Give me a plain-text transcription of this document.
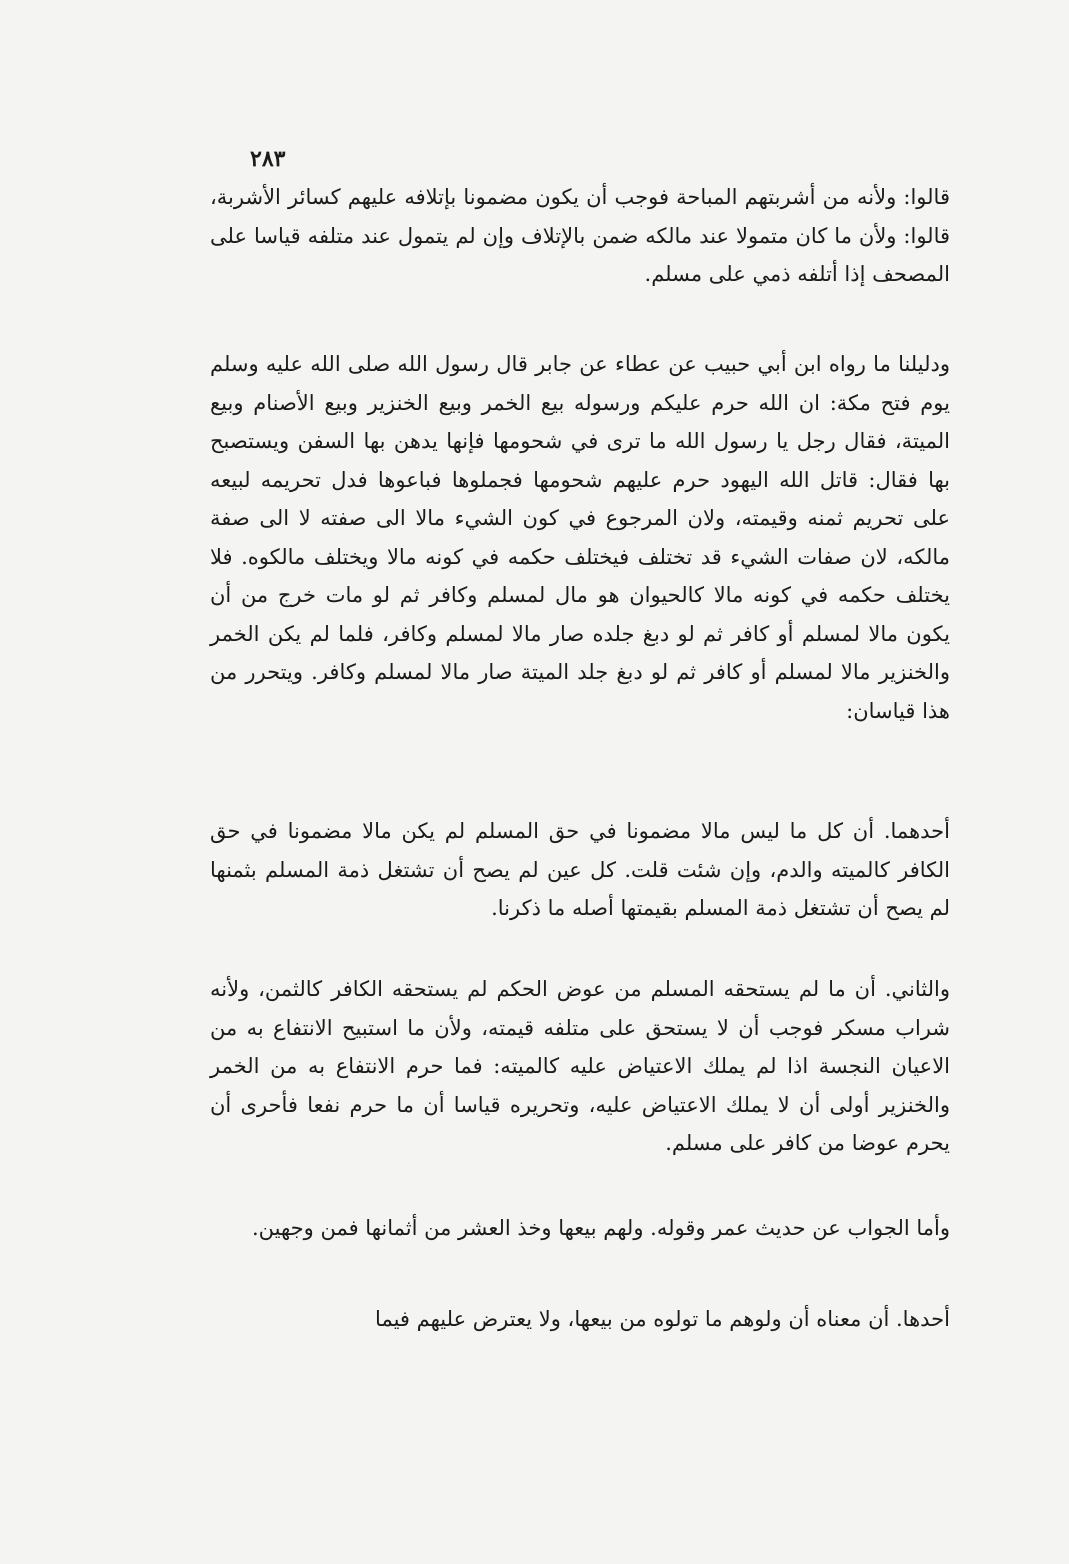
٢٨٣

قالوا: ولأنه من أشربتهم المباحة فوجب أن يكون مضمونا بإتلافه عليهم كسائر الأشربة، قالوا: ولأن ما كان متمولا عند مالكه ضمن بالإتلاف وإن لم يتمول عند متلفه قياسا على المصحف إذا أتلفه ذمي على مسلم.

ودليلنا ما رواه ابن أبي حبيب عن عطاء عن جابر قال رسول الله صلى الله عليه وسلم يوم فتح مكة: ان الله حرم عليكم ورسوله بيع الخمر وبيع الخنزير وبيع الأصنام وبيع الميتة، فقال رجل يا رسول الله ما ترى في شحومها فإنها يدهن بها السفن ويستصبح بها فقال: قاتل الله اليهود حرم عليهم شحومها فجملوها فباعوها فدل تحريمه لبيعه على تحريم ثمنه وقيمته، ولان المرجوع في كون الشيء مالا الى صفته لا الى صفة مالكه، لان صفات الشيء قد تختلف فيختلف حكمه في كونه مالا ويختلف مالكوه. فلا يختلف حكمه في كونه مالا كالحيوان هو مال لمسلم وكافر ثم لو مات خرج من أن يكون مالا لمسلم أو كافر ثم لو دبغ جلده صار مالا لمسلم وكافر، فلما لم يكن الخمر والخنزير مالا لمسلم أو كافر ثم لو دبغ جلد الميتة صار مالا لمسلم وكافر. ويتحرر من هذا قياسان:

أحدهما. أن كل ما ليس مالا مضمونا في حق المسلم لم يكن مالا مضمونا في حق الكافر كالميته والدم، وإن شئت قلت. كل عين لم يصح أن تشتغل ذمة المسلم بثمنها لم يصح أن تشتغل ذمة المسلم بقيمتها أصله ما ذكرنا.

والثاني. أن ما لم يستحقه المسلم من عوض الحكم لم يستحقه الكافر كالثمن، ولأنه شراب مسكر فوجب أن لا يستحق على متلفه قيمته، ولأن ما استبيح الانتفاع به من الاعيان النجسة اذا لم يملك الاعتياض عليه كالميته: فما حرم الانتفاع به من الخمر والخنزير أولى أن لا يملك الاعتياض عليه، وتحريره قياسا أن ما حرم نفعا فأحرى أن يحرم عوضا من كافر على مسلم.

وأما الجواب عن حديث عمر وقوله. ولهم بيعها وخذ العشر من أثمانها فمن وجهين.

أحدها. أن معناه أن ولوهم ما تولوه من بيعها، ولا يعترض عليهم فيما
